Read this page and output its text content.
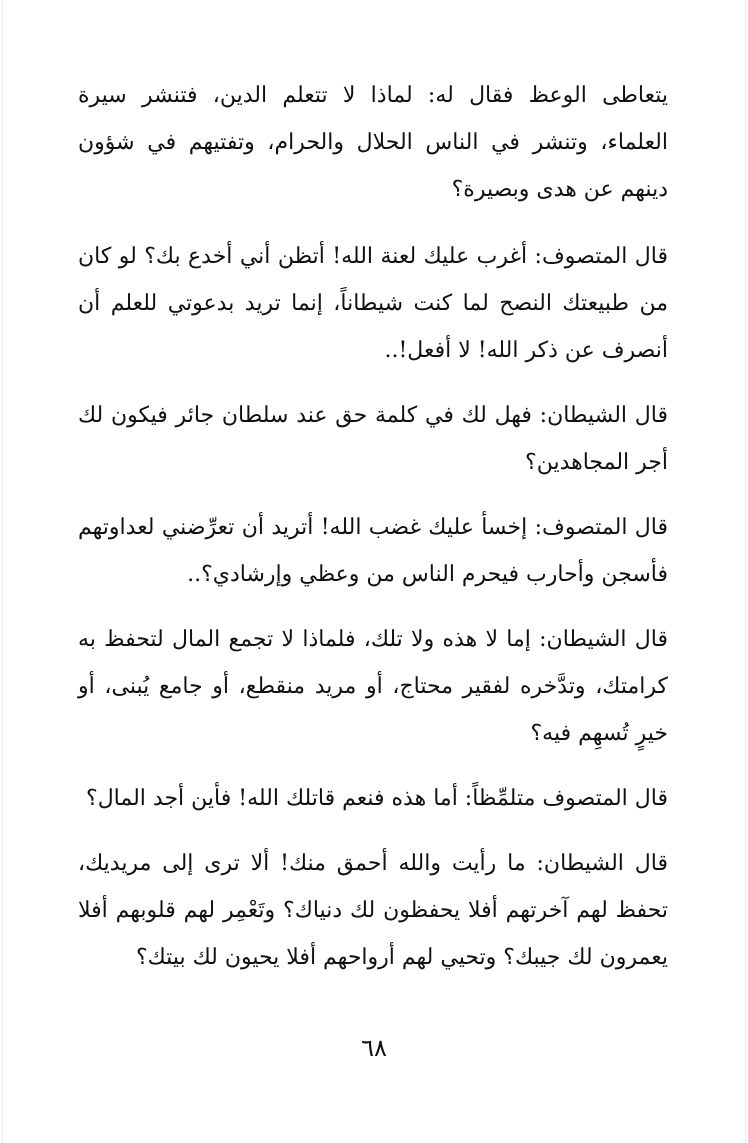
يتعاطى الوعظ فقال له: لماذا لا تتعلم الدين، فتنشر سيرة العلماء، وتنشر في الناس الحلال والحرام، وتفتيهم في شؤون دينهم عن هدى وبصيرة؟

قال المتصوف: أغرب عليك لعنة الله! أتظن أني أخدع بك؟ لو كان من طبيعتك النصح لما كنت شيطاناً، إنما تريد بدعوتي للعلم أن أنصرف عن ذكر الله! لا أفعل!..

قال الشيطان: فهل لك في كلمة حق عند سلطان جائر فيكون لك أجر المجاهدين؟

قال المتصوف: إخسأ عليك غضب الله! أتريد أن تعرِّضني لعداوتهم فأسجن وأحارب فيحرم الناس من وعظي وإرشادي؟..

قال الشيطان: إما لا هذه ولا تلك، فلماذا لا تجمع المال لتحفظ به كرامتك، وتدَّخره لفقير محتاج، أو مريد منقطع، أو جامع يُبنى، أو خيرٍ تُسهِم فيه؟

قال المتصوف متلمِّظاً: أما هذه فنعم قاتلك الله! فأين أجد المال؟

قال الشيطان: ما رأيت والله أحمق منك! ألا ترى إلى مريديك، تحفظ لهم آخرتهم أفلا يحفظون لك دنياك؟ وتَعْمِر لهم قلوبهم أفلا يعمرون لك جيبك؟ وتحيي لهم أرواحهم أفلا يحيون لك بيتك؟

٦٨
